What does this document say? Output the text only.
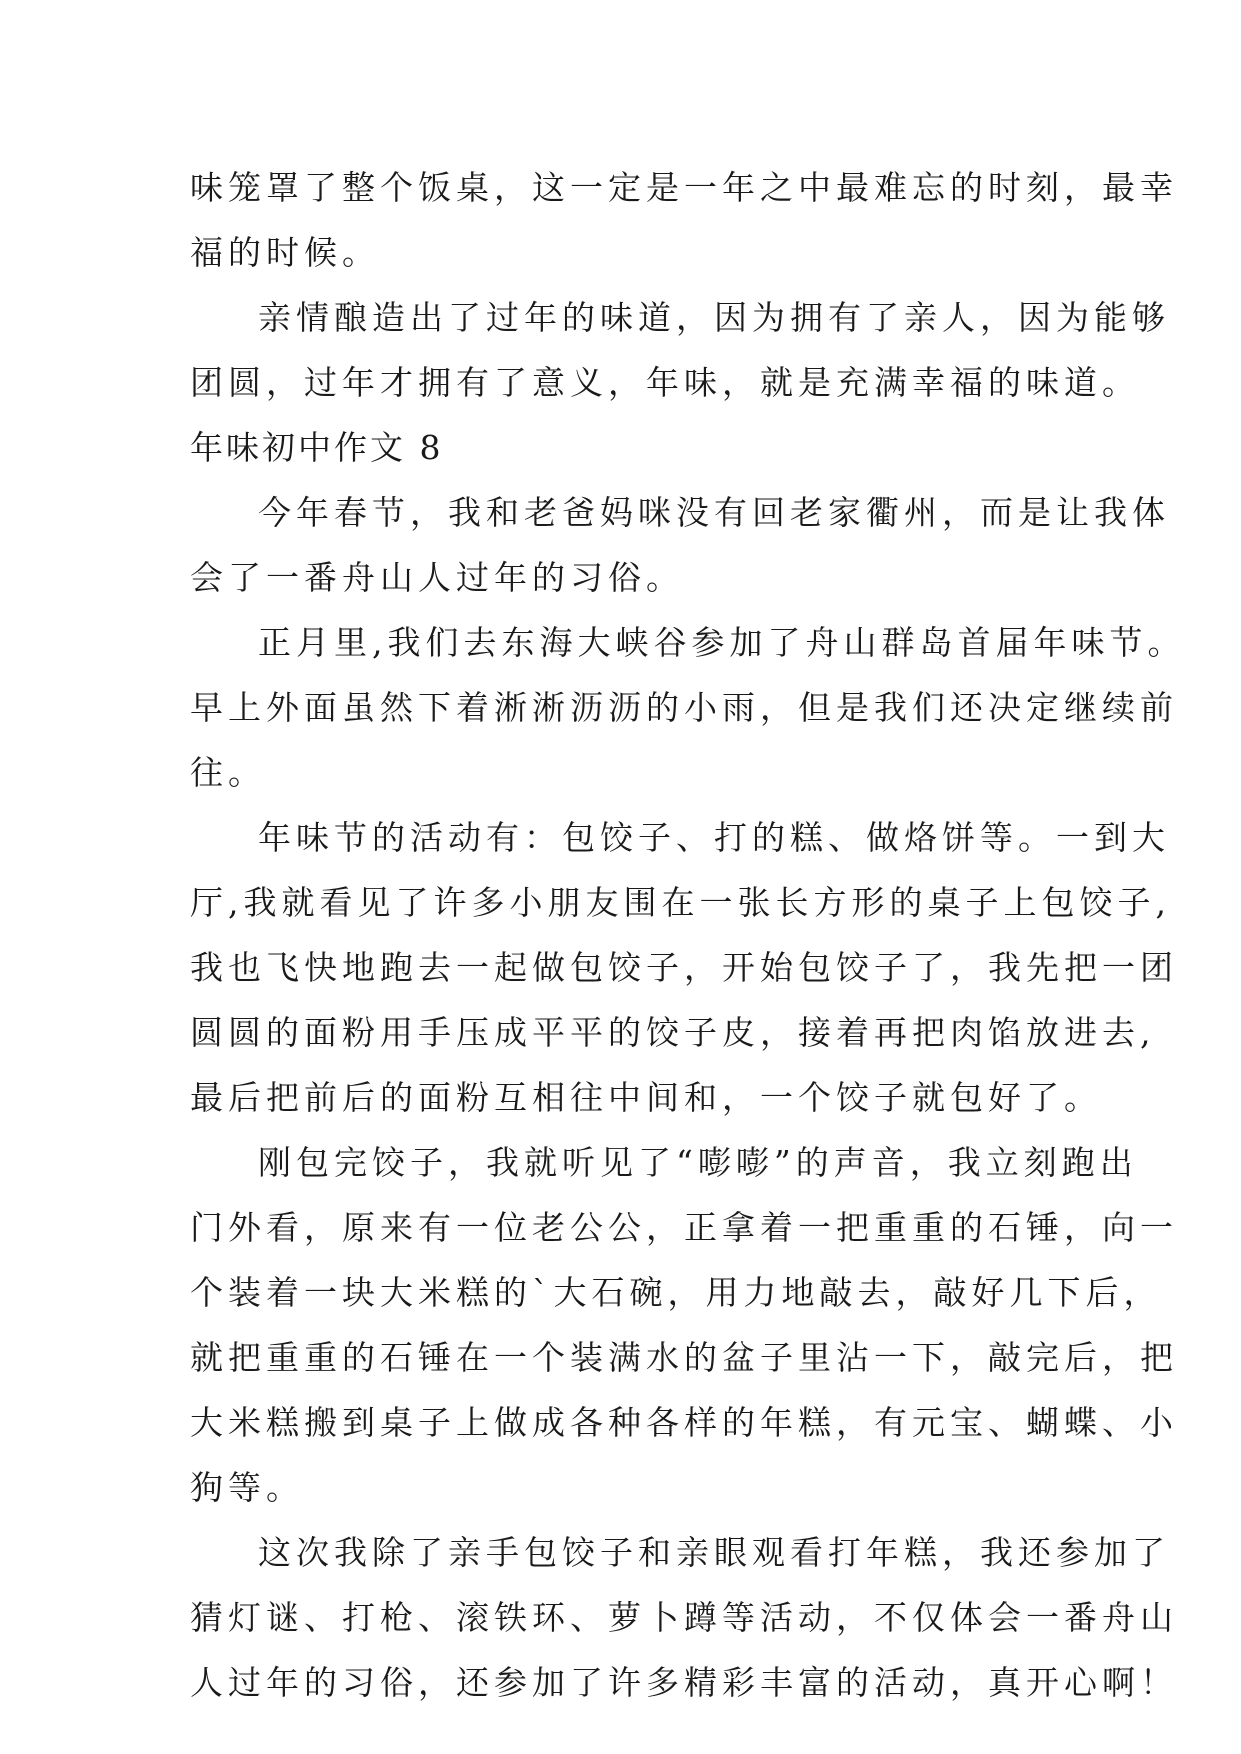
味笼罩了整个饭桌，这一定是一年之中最难忘的时刻，最幸
福的时候。
亲情酿造出了过年的味道，因为拥有了亲人，因为能够
团圆，过年才拥有了意义，年味，就是充满幸福的味道。
年味初中作文 8
今年春节，我和老爸妈咪没有回老家衢州，而是让我体
会了一番舟山人过年的习俗。
正月里,我们去东海大峡谷参加了舟山群岛首届年味节。
早上外面虽然下着淅淅沥沥的小雨，但是我们还决定继续前
往。
年味节的活动有：包饺子、打的糕、做烙饼等。一到大
厅,我就看见了许多小朋友围在一张长方形的桌子上包饺子,
我也飞快地跑去一起做包饺子，开始包饺子了，我先把一团
圆圆的面粉用手压成平平的饺子皮，接着再把肉馅放进去,
最后把前后的面粉互相往中间和，一个饺子就包好了。
刚包完饺子，我就听见了“嘭嘭”的声音，我立刻跑出
门外看，原来有一位老公公，正拿着一把重重的石锤，向一
个装着一块大米糕的`大石碗，用力地敲去，敲好几下后，
就把重重的石锤在一个装满水的盆子里沾一下，敲完后，把
大米糕搬到桌子上做成各种各样的年糕，有元宝、蝴蝶、小
狗等。
这次我除了亲手包饺子和亲眼观看打年糕，我还参加了
猜灯谜、打枪、滚铁环、萝卜蹲等活动，不仅体会一番舟山
人过年的习俗，还参加了许多精彩丰富的活动，真开心啊！
